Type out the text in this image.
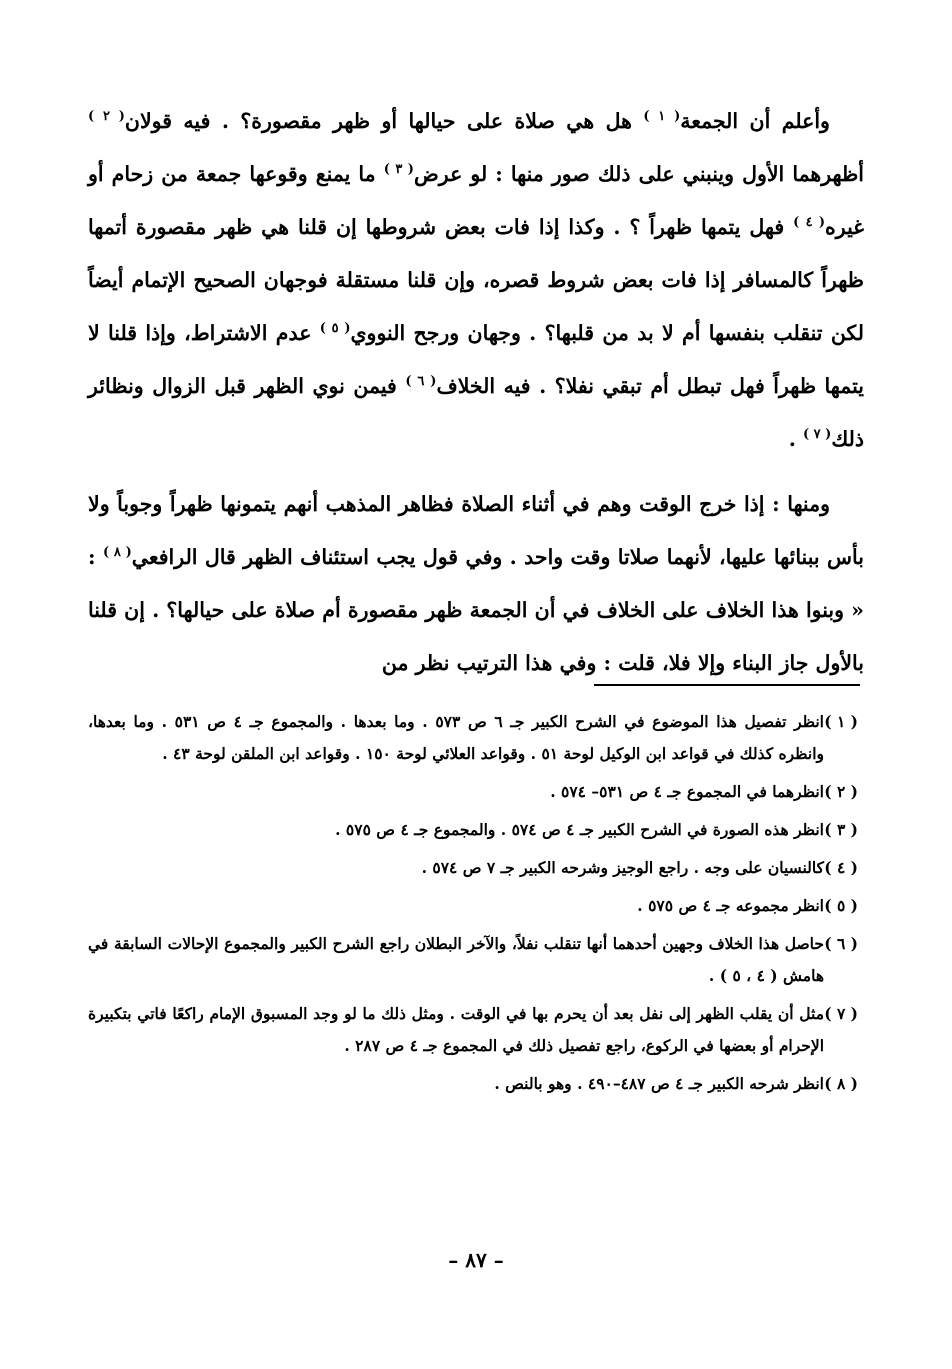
وأعلم أن الجمعة$^{( ١ )}$ هل هي صلاة على حيالها أو ظهر مقصورة؟ . فيه قولان$^{( ٢ )}$ أظهرهما الأول وينبني على ذلك صور منها : لو عرض$^{( ٣ )}$ ما يمنع وقوعها جمعة من زحام أو غيره$^{( ٤ )}$ فهل يتمها ظهراً ؟ . وكذا إذا فات بعض شروطها إن قلنا هي ظهر مقصورة أتمها ظهراً كالمسافر إذا فات بعض شروط قصره، وإن قلنا مستقلة فوجهان الصحيح الإتمام أيضاً لكن تنقلب بنفسها أم لا بد من قلبها؟ . وجهان ورجح النووي$^{( ٥ )}$ عدم الاشتراط، وإذا قلنا لا يتمها ظهراً فهل تبطل أم تبقي نفلا؟ . فيه الخلاف$^{( ٦ )}$ فيمن نوي الظهر قبل الزوال ونظائر ذلك$^{( ٧ )}$ .

ومنها : إذا خرج الوقت وهم في أثناء الصلاة فظاهر المذهب أنهم يتمونها ظهراً وجوباً ولا بأس ببنائها عليها، لأنهما صلاتا وقت واحد . وفي قول يجب استئناف الظهر قال الرافعي$^{( ٨ )}$ : « وبنوا هذا الخلاف على الخلاف في أن الجمعة ظهر مقصورة أم صلاة على حيالها؟ . إن قلنا بالأول جاز البناء وإلا فلا، قلت : وفي هذا الترتيب نظر من

( ١ )انظر تفصيل هذا الموضوع في الشرح الكبير جـ ٦ ص ٥٧٣ . وما بعدها . والمجموع جـ ٤ ص ٥٣١ . وما بعدها، وانظره كذلك في قواعد ابن الوكيل لوحة ٥١ . وقواعد العلائي لوحة ١٥٠ . وقواعد ابن الملقن لوحة ٤٣ .

( ٢ )انظرهما في المجموع جـ ٤ ص ٥٣١– ٥٧٤ .

( ٣ )انظر هذه الصورة في الشرح الكبير جـ ٤ ص ٥٧٤ . والمجموع جـ ٤ ص ٥٧٥ .

( ٤ )كالنسيان على وجه . راجع الوجيز وشرحه الكبير جـ ٧ ص ٥٧٤ .

( ٥ )انظر مجموعه جـ ٤ ص ٥٧٥ .

( ٦ )حاصل هذا الخلاف وجهين أحدهما أنها تنقلب نفلاً، والآخر البطلان راجع الشرح الكبير والمجموع الإحالات السابقة في هامش ( ٤ ، ٥ ) .

( ٧ )مثل أن يقلب الظهر إلى نفل بعد أن يحرم بها في الوقت . ومثل ذلك ما لو وجد المسبوق الإمام راكعًا فاتي بتكبيرة الإحرام أو بعضها في الركوع، راجع تفصيل ذلك في المجموع جـ ٤ ص ٢٨٧ .

( ٨ )انظر شرحه الكبير جـ ٤ ص ٤٨٧–٤٩٠ . وهو بالنص .

– ٨٧ –
